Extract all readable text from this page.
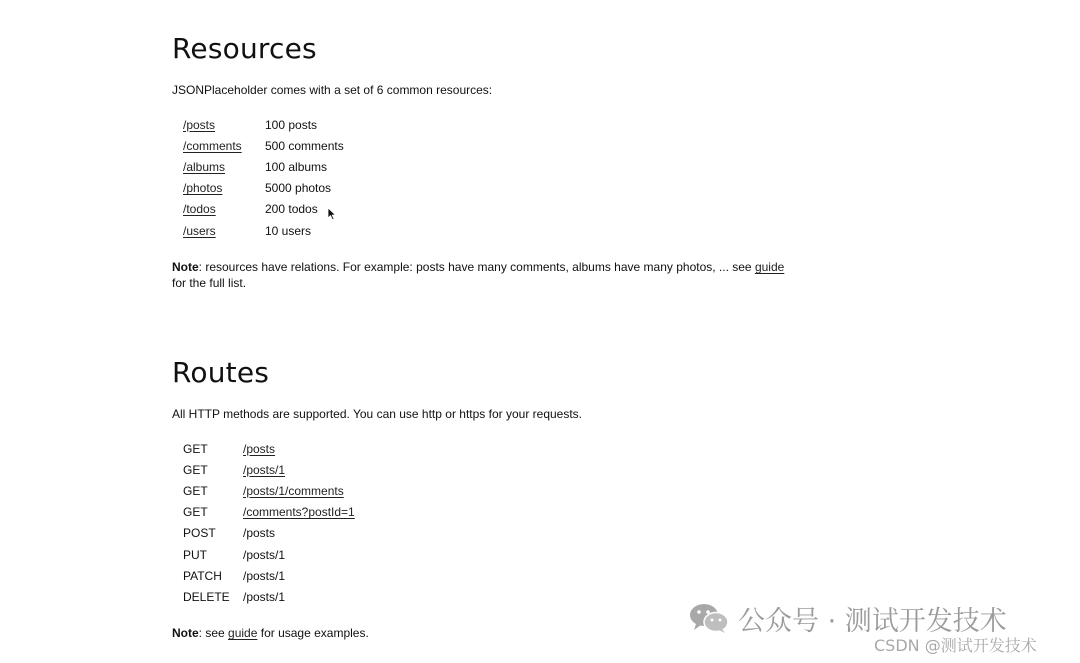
Resources

JSONPlaceholder comes with a set of 6 common resources:

/posts	100 posts
/comments	500 comments
/albums	100 albums
/photos	5000 photos
/todos	200 todos
/users	10 users

Note: resources have relations. For example: posts have many comments, albums have many photos, ... see guide for the full list.

Routes

All HTTP methods are supported. You can use http or https for your requests.

GET	/posts
GET	/posts/1
GET	/posts/1/comments
GET	/comments?postId=1
POST	/posts
PUT	/posts/1
PATCH	/posts/1
DELETE	/posts/1

Note: see guide for usage examples.	公众号 · 测试开发技术
CSDN @测试开发技术
